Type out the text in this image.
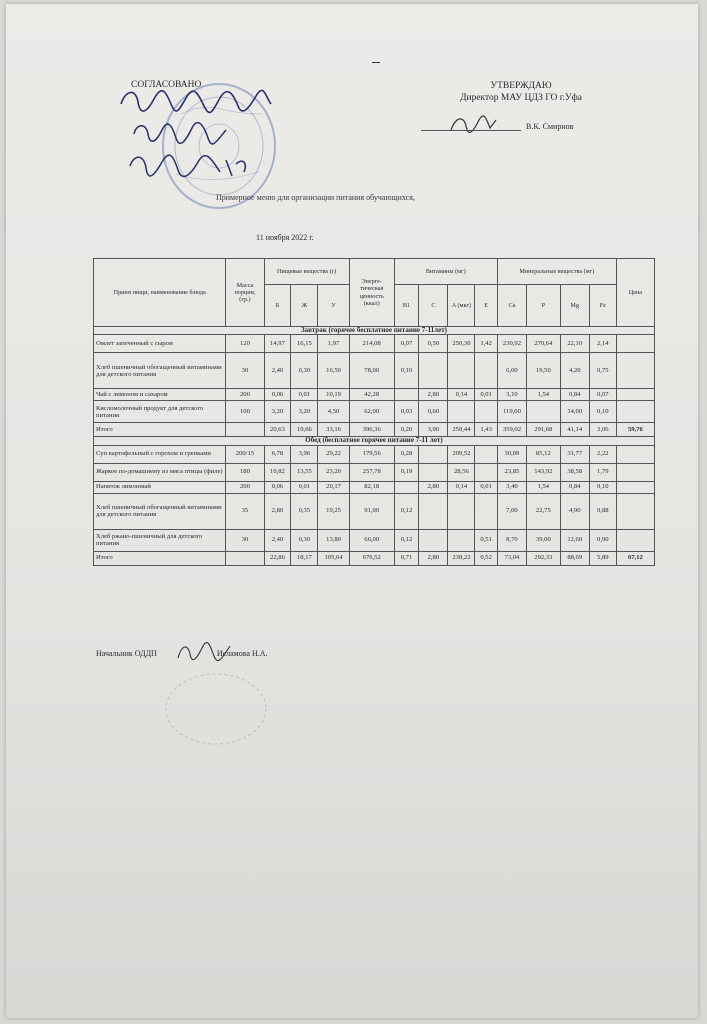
СОГЛАСОВАНО	УТВЕРЖДАЮ
Директор МАУ ЦДЗ ГО г.Уфа
В.К. Смирнов
Примерное меню для организации питания обучающихся,
11 ноября 2022 г.
Прием пищи, наименование блюда	Масса порции, (гр.)	Пищевые вещества (г)			Энерге-тическая ценность (ккал)	Витамины (мг)				Минеральные вещества (мг)				Цена
		Б	Ж	У		B1	C	A (мкг)	E	Ca	P	Mg	Fe	
Завтрак (горячее бесплатное питание 7-11лет)														
Омлет запеченный с сыром	120	14,97	16,15	1,97	214,08	0,07	0,50	250,30	1,42	230,92	270,64	22,10	2,14	
Хлеб пшеничный обогащенный витаминами для детского питания	30	2,40	0,30	16,50	78,00	0,10				6,00	19,50	4,20	0,75	
Чай с лимоном и сахаром	200	0,06	0,01	10,19	42,28		2,80	0,14	0,01	3,10	1,54	0,84	0,07	
Кисломолочный продукт для детского питания	100	3,20	3,20	4,50	62,00	0,03	0,60			119,00		14,00	0,10	
Итого		20,63	19,66	33,16	396,36	0,20	3,90	250,44	1,43	359,02	291,68	41,14	3,06	59,76
Обед (бесплатное горячее питание 7-11 лет)														
Суп картофельный с горохом и гренками	200/15	6,78	3,96	29,22	179,56	0,28		209,52		30,09	85,12	31,77	2,22	
Жаркое по-домашнему из мяса птицы (филе)	180	10,82	13,55	23,20	257,78	0,19		28,56		23,85	143,92	38,58	1,79	
Напиток лимонный	200	0,06	0,01	20,17	82,18		2,80	0,14	0,01	3,40	1,54	0,84	0,10	
Хлеб пшеничный обогащенный витаминами для детского питания	35	2,80	0,35	19,25	91,00	0,12				7,00	22,75	4,90	0,88	
Хлеб ржано-пшеничный для детского питания	30	2,40	0,30	13,80	66,00	0,12			0,51	8,70	39,00	12,60	0,90	
Итого		22,86	18,17	105,64	676,52	0,71	2,80	238,22	0,52	73,04	292,33	88,69	5,89	67,12
Начальник ОДДП	Исламова Н.А.
